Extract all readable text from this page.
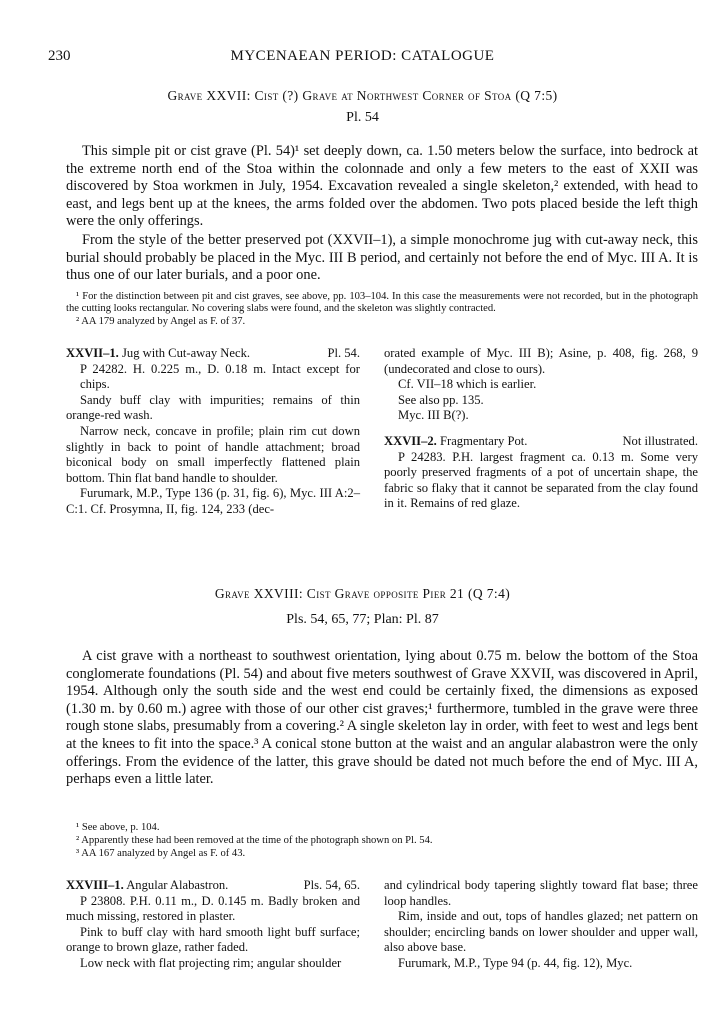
230	MYCENAEAN PERIOD: CATALOGUE
Grave XXVII: Cist (?) Grave at Northwest Corner of Stoa (Q 7:5)
Pl. 54

This simple pit or cist grave (Pl. 54)¹ set deeply down, ca. 1.50 meters below the surface, into bedrock at the extreme north end of the Stoa within the colonnade and only a few meters to the east of XXII was discovered by Stoa workmen in July, 1954. Excavation revealed a single skeleton,² extended, with head to east, and legs bent up at the knees, the arms folded over the abdomen. Two pots placed beside the left thigh were the only offerings.

From the style of the better preserved pot (XXVII–1), a simple monochrome jug with cut-away neck, this burial should probably be placed in the Myc. III B period, and certainly not before the end of Myc. III A. It is thus one of our later burials, and a poor one.

¹ For the distinction between pit and cist graves, see above, pp. 103–104. In this case the measurements were not recorded, but in the photograph the cutting looks rectangular. No covering slabs were found, and the skeleton was slightly contracted.

² AA 179 analyzed by Angel as F. of 37.

XXVII–1. Jug with Cut-away Neck.	Pl. 54.

P 24282. H. 0.225 m., D. 0.18 m. Intact except for chips.

Sandy buff clay with impurities; remains of thin orange-red wash.

Narrow neck, concave in profile; plain rim cut down slightly in back to point of handle attachment; broad biconical body on small imperfectly flattened plain bottom. Thin flat band handle to shoulder.

Furumark, M.P., Type 136 (p. 31, fig. 6), Myc. III A:2–C:1. Cf. Prosymna, II, fig. 124, 233 (dec-

orated example of Myc. III B); Asine, p. 408, fig. 268, 9 (undecorated and close to ours).

Cf. VII–18 which is earlier.

See also pp. 135.

Myc. III B(?).

XXVII–2. Fragmentary Pot.	Not illustrated.

P 24283. P.H. largest fragment ca. 0.13 m. Some very poorly preserved fragments of a pot of uncertain shape, the fabric so flaky that it cannot be separated from the clay found in it. Remains of red glaze.

Grave XXVIII: Cist Grave opposite Pier 21 (Q 7:4)
Pls. 54, 65, 77; Plan: Pl. 87

A cist grave with a northeast to southwest orientation, lying about 0.75 m. below the bottom of the Stoa conglomerate foundations (Pl. 54) and about five meters southwest of Grave XXVII, was discovered in April, 1954. Although only the south side and the west end could be certainly fixed, the dimensions as exposed (1.30 m. by 0.60 m.) agree with those of our other cist graves;¹ furthermore, tumbled in the grave were three rough stone slabs, presumably from a covering.² A single skeleton lay in order, with feet to west and legs bent at the knees to fit into the space.³ A conical stone button at the waist and an angular alabastron were the only offerings. From the evidence of the latter, this grave should be dated not much before the end of Myc. III A, perhaps even a little later.

¹ See above, p. 104.

² Apparently these had been removed at the time of the photograph shown on Pl. 54.

³ AA 167 analyzed by Angel as F. of 43.

XXVIII–1. Angular Alabastron.	Pls. 54, 65.

P 23808. P.H. 0.11 m., D. 0.145 m. Badly broken and much missing, restored in plaster.

Pink to buff clay with hard smooth light buff surface; orange to brown glaze, rather faded.

Low neck with flat projecting rim; angular shoulder

and cylindrical body tapering slightly toward flat base; three loop handles.

Rim, inside and out, tops of handles glazed; net pattern on shoulder; encircling bands on lower shoulder and upper wall, also above base.

Furumark, M.P., Type 94 (p. 44, fig. 12), Myc.
